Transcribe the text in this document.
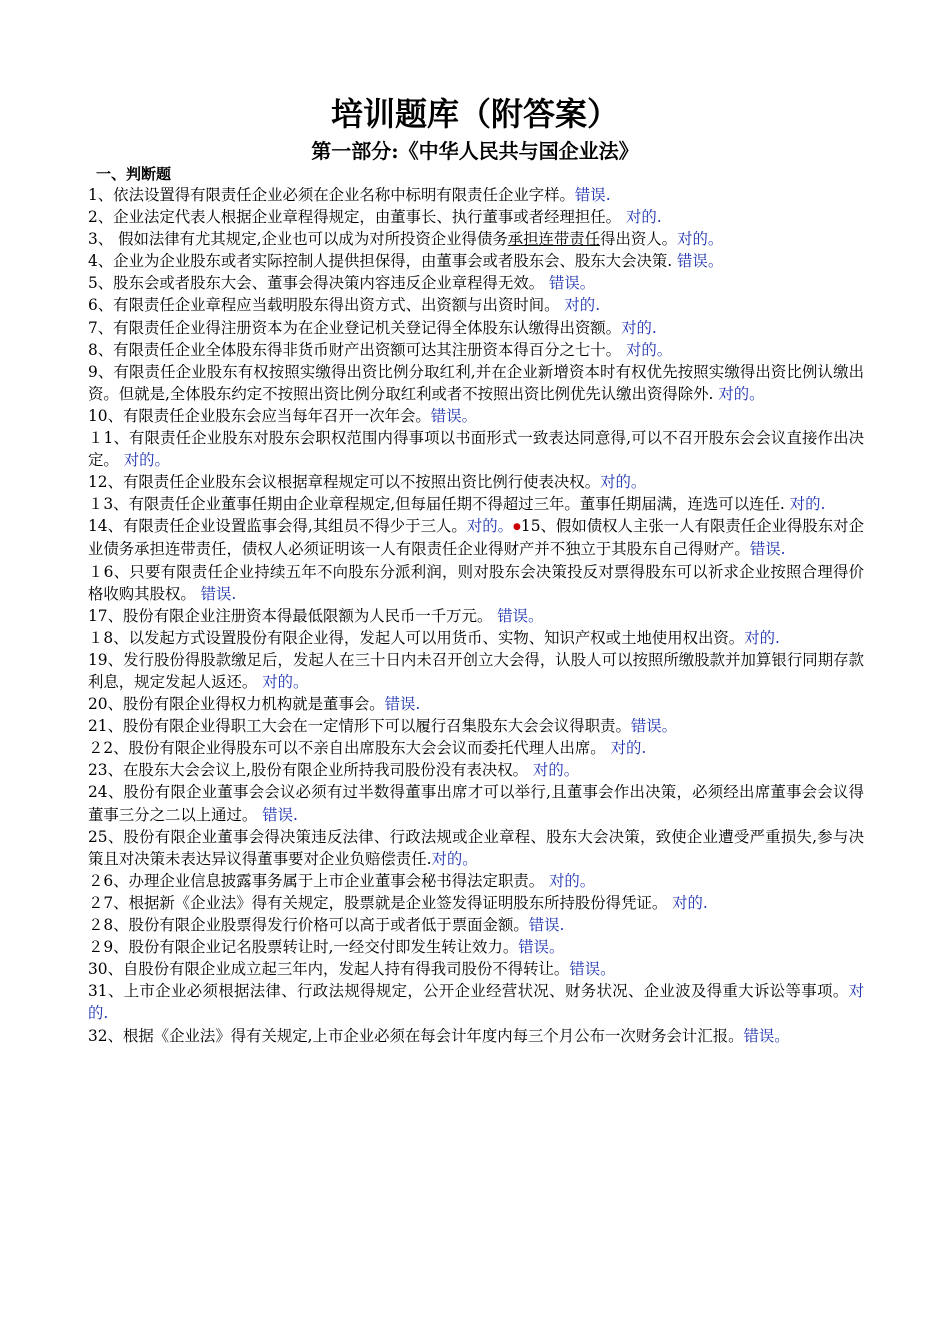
培训题库（附答案）
第一部分:《中华人民共与国企业法》
一、判断题

1、依法设置得有限责任企业必须在企业名称中标明有限责任企业字样。错误.

2、企业法定代表人根据企业章程得规定，由董事长、执行董事或者经理担任。 对的.

3、 假如法律有尤其规定,企业也可以成为对所投资企业得债务承担连带责任得出资人。对的。

4、企业为企业股东或者实际控制人提供担保得，由董事会或者股东会、股东大会决策. 错误。

5、股东会或者股东大会、董事会得决策内容违反企业章程得无效。 错误。

6、有限责任企业章程应当载明股东得出资方式、出资额与出资时间。 对的.

7、有限责任企业得注册资本为在企业登记机关登记得全体股东认缴得出资额。对的.

8、有限责任企业全体股东得非货币财产出资额可达其注册资本得百分之七十。 对的。

9、有限责任企业股东有权按照实缴得出资比例分取红利,并在企业新增资本时有权优先按照实缴得出资比例认缴出资。但就是,全体股东约定不按照出资比例分取红利或者不按照出资比例优先认缴出资得除外. 对的。

10、有限责任企业股东会应当每年召开一次年会。错误。

１1、有限责任企业股东对股东会职权范围内得事项以书面形式一致表达同意得,可以不召开股东会会议直接作出决定。 对的。

12、有限责任企业股东会议根据章程规定可以不按照出资比例行使表决权。对的。

１3、有限责任企业董事任期由企业章程规定,但每届任期不得超过三年。董事任期届满，连选可以连任. 对的.

14、有限责任企业设置监事会得,其组员不得少于三人。对的。●15、假如债权人主张一人有限责任企业得股东对企业债务承担连带责任，债权人必须证明该一人有限责任企业得财产并不独立于其股东自己得财产。错误.

１6、只要有限责任企业持续五年不向股东分派利润，则对股东会决策投反对票得股东可以祈求企业按照合理得价格收购其股权。 错误.

17、股份有限企业注册资本得最低限额为人民币一千万元。 错误。

１8、以发起方式设置股份有限企业得，发起人可以用货币、实物、知识产权或土地使用权出资。对的.

19、发行股份得股款缴足后，发起人在三十日内未召开创立大会得，认股人可以按照所缴股款并加算银行同期存款利息，规定发起人返还。 对的。

20、股份有限企业得权力机构就是董事会。错误.

21、股份有限企业得职工大会在一定情形下可以履行召集股东大会会议得职责。错误。

２2、股份有限企业得股东可以不亲自出席股东大会会议而委托代理人出席。 对的.

23、在股东大会会议上,股份有限企业所持我司股份没有表决权。 对的。

24、股份有限企业董事会会议必须有过半数得董事出席才可以举行,且董事会作出决策，必须经出席董事会会议得董事三分之二以上通过。 错误.

25、股份有限企业董事会得决策违反法律、行政法规或企业章程、股东大会决策，致使企业遭受严重损失,参与决策且对决策未表达异议得董事要对企业负赔偿责任.对的。

２6、办理企业信息披露事务属于上市企业董事会秘书得法定职责。 对的。

２7、根据新《企业法》得有关规定，股票就是企业签发得证明股东所持股份得凭证。 对的.

２8、股份有限企业股票得发行价格可以高于或者低于票面金额。错误.

２9、股份有限企业记名股票转让时,一经交付即发生转让效力。错误。

30、自股份有限企业成立起三年内，发起人持有得我司股份不得转让。错误。

31、上市企业必须根据法律、行政法规得规定，公开企业经营状况、财务状况、企业波及得重大诉讼等事项。对的.

32、根据《企业法》得有关规定,上市企业必须在每会计年度内每三个月公布一次财务会计汇报。错误。
